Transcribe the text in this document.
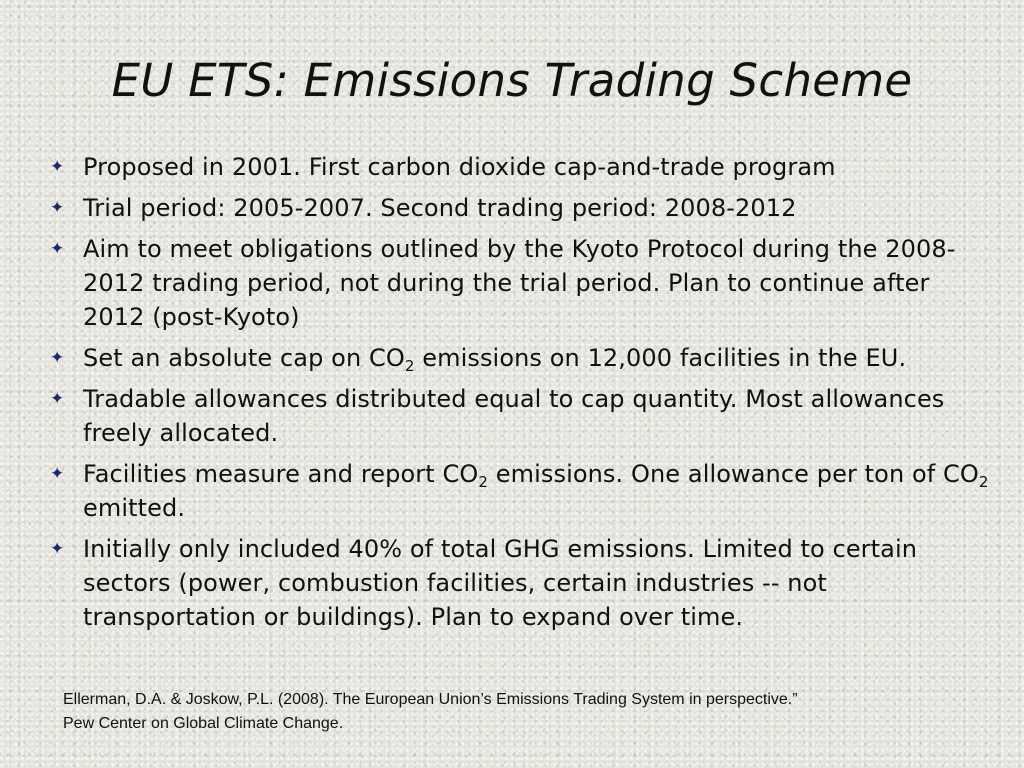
EU ETS: Emissions Trading Scheme
✦ Proposed in 2001. First carbon dioxide cap-and-trade program
✦ Trial period: 2005-2007. Second trading period: 2008-2012
✦ Aim to meet obligations outlined by the Kyoto Protocol during the 2008-2012 trading period, not during the trial period. Plan to continue after 2012 (post-Kyoto)
✦ Set an absolute cap on $CO_2$ emissions on 12,000 facilities in the EU.
✦ Tradable allowances distributed equal to cap quantity. Most allowances freely allocated.
✦ Facilities measure and report $CO_2$ emissions. One allowance per ton of $CO_2$ emitted.
✦ Initially only included 40% of total GHG emissions. Limited to certain sectors (power, combustion facilities, certain industries -- not transportation or buildings). Plan to expand over time.
Ellerman, D.A. & Joskow, P.L. (2008). The European Union’s Emissions Trading System in perspective.” Pew Center on Global Climate Change.
